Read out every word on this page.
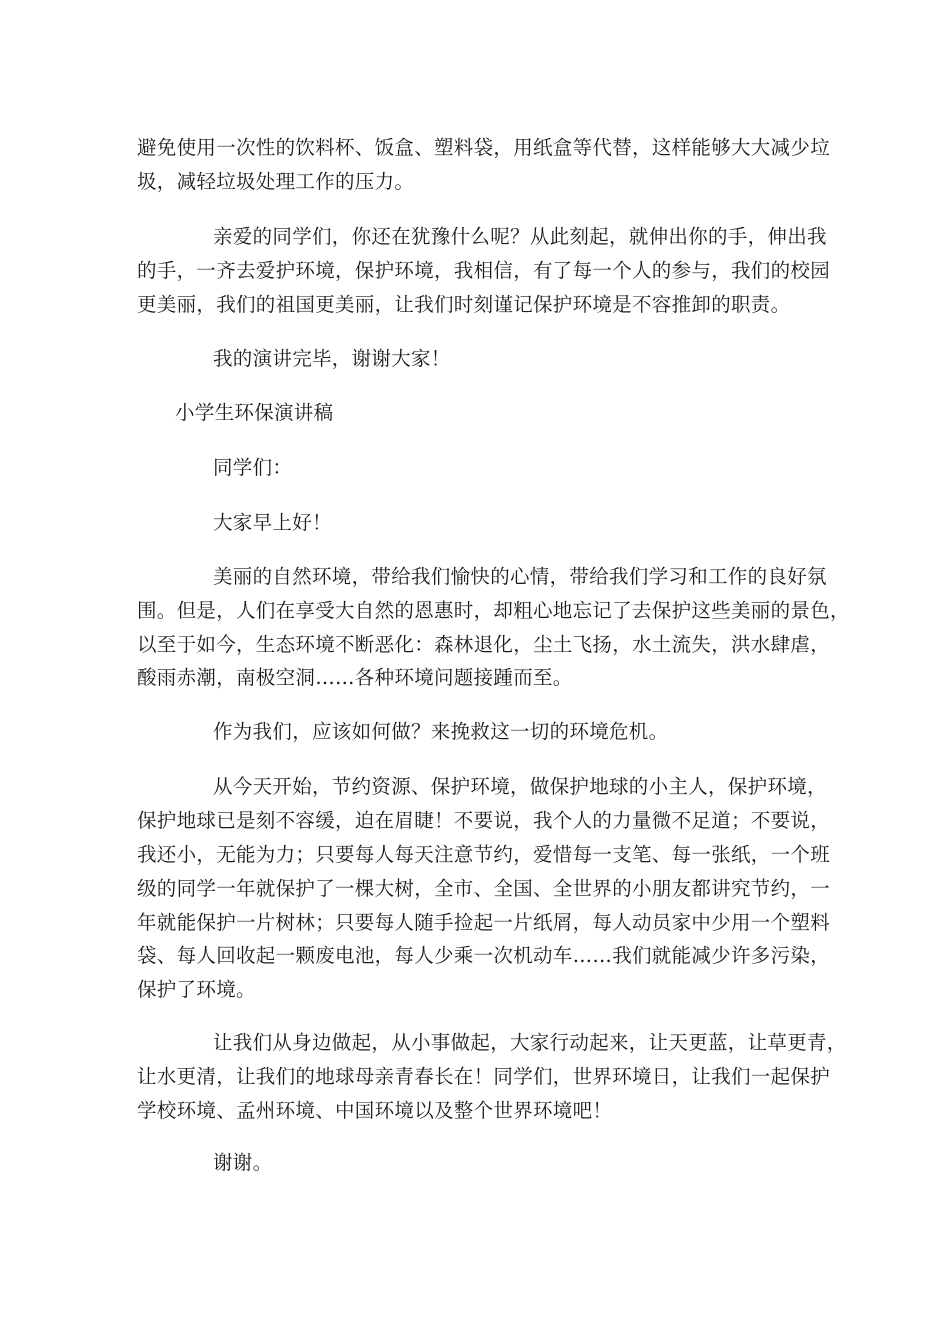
避免使用一次性的饮料杯、饭盒、塑料袋，用纸盒等代替，这样能够大大减少垃
圾，减轻垃圾处理工作的压力。
亲爱的同学们，你还在犹豫什么呢？从此刻起，就伸出你的手，伸出我
的手，一齐去爱护环境，保护环境，我相信，有了每一个人的参与，我们的校园
更美丽，我们的祖国更美丽，让我们时刻谨记保护环境是不容推卸的职责。
我的演讲完毕，谢谢大家！
小学生环保演讲稿
同学们：
大家早上好！
美丽的自然环境，带给我们愉快的心情，带给我们学习和工作的良好氛
围。但是，人们在享受大自然的恩惠时，却粗心地忘记了去保护这些美丽的景色，
以至于如今，生态环境不断恶化：森林退化，尘土飞扬，水土流失，洪水肆虐，
酸雨赤潮，南极空洞……各种环境问题接踵而至。
作为我们，应该如何做？来挽救这一切的环境危机。
从今天开始，节约资源、保护环境，做保护地球的小主人，保护环境，
保护地球已是刻不容缓，迫在眉睫！不要说，我个人的力量微不足道；不要说，
我还小，无能为力；只要每人每天注意节约，爱惜每一支笔、每一张纸，一个班
级的同学一年就保护了一棵大树，全市、全国、全世界的小朋友都讲究节约，一
年就能保护一片树林；只要每人随手捡起一片纸屑，每人动员家中少用一个塑料
袋、每人回收起一颗废电池，每人少乘一次机动车……我们就能减少许多污染，
保护了环境。
让我们从身边做起，从小事做起，大家行动起来，让天更蓝，让草更青，
让水更清，让我们的地球母亲青春长在！同学们，世界环境日，让我们一起保护
学校环境、孟州环境、中国环境以及整个世界环境吧！
谢谢。
